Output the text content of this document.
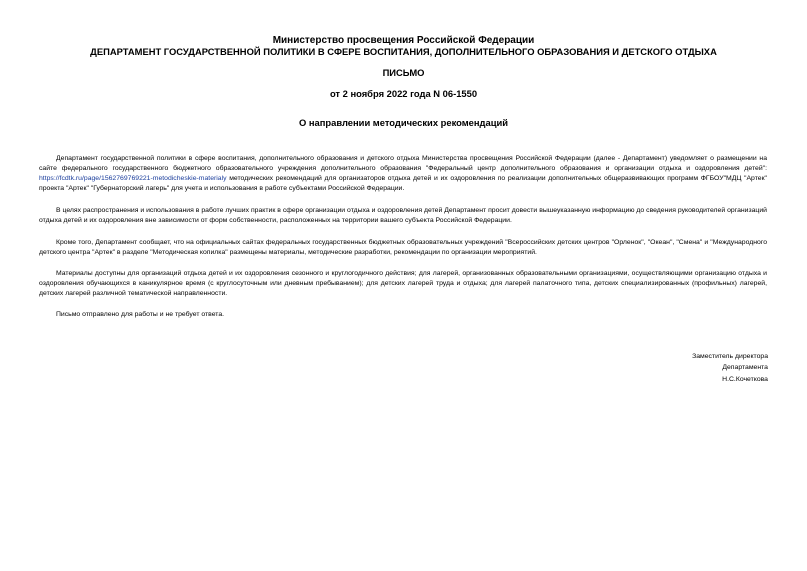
Министерство просвещения Российской Федерации
ДЕПАРТАМЕНТ ГОСУДАРСТВЕННОЙ ПОЛИТИКИ В СФЕРЕ ВОСПИТАНИЯ, ДОПОЛНИТЕЛЬНОГО ОБРАЗОВАНИЯ И ДЕТСКОГО ОТДЫХА
ПИСЬМО
от 2 ноября 2022 года N 06-1550
О направлении методических рекомендаций

Департамент государственной политики в сфере воспитания, дополнительного образования и детского отдыха Министерства просвещения Российской Федерации (далее - Департамент) уведомляет о размещении на сайте федерального государственного бюджетного образовательного учреждения дополнительного образования "Федеральный центр дополнительного образования и организации отдыха и оздоровления детей": https://fcdtk.ru/page/1562769769221-metodicheskie-materialy методических рекомендаций для организаторов отдыха детей и их оздоровления по реализации дополнительных общеразвивающих программ ФГБОУ"МДЦ "Артек" проекта "Артек" "Губернаторский лагерь" для учета и использования в работе субъектами Российской Федерации.

В целях распространения и использования в работе лучших практик в сфере организации отдыха и оздоровления детей Департамент просит довести вышеуказанную информацию до сведения руководителей организаций отдыха детей и их оздоровления вне зависимости от форм собственности, расположенных на территории вашего субъекта Российской Федерации.

Кроме того, Департамент сообщает, что на официальных сайтах федеральных государственных бюджетных образовательных учреждений "Всероссийских детских центров "Орленок", "Океан", "Смена" и "Международного детского центра "Артек" в разделе "Методическая копилка" размещены материалы, методические разработки, рекомендации по организации мероприятий.

Материалы доступны для организаций отдыха детей и их оздоровления сезонного и круглогодичного действия; для лагерей, организованных образовательными организациями, осуществляющими организацию отдыха и оздоровления обучающихся в каникулярное время (с круглосуточным или дневным пребыванием); для детских лагерей труда и отдыха; для лагерей палаточного типа, детских специализированных (профильных) лагерей, детских лагерей различной тематической направленности.

Письмо отправлено для работы и не требует ответа.

Заместитель директора
Департамента
Н.С.Кочеткова
